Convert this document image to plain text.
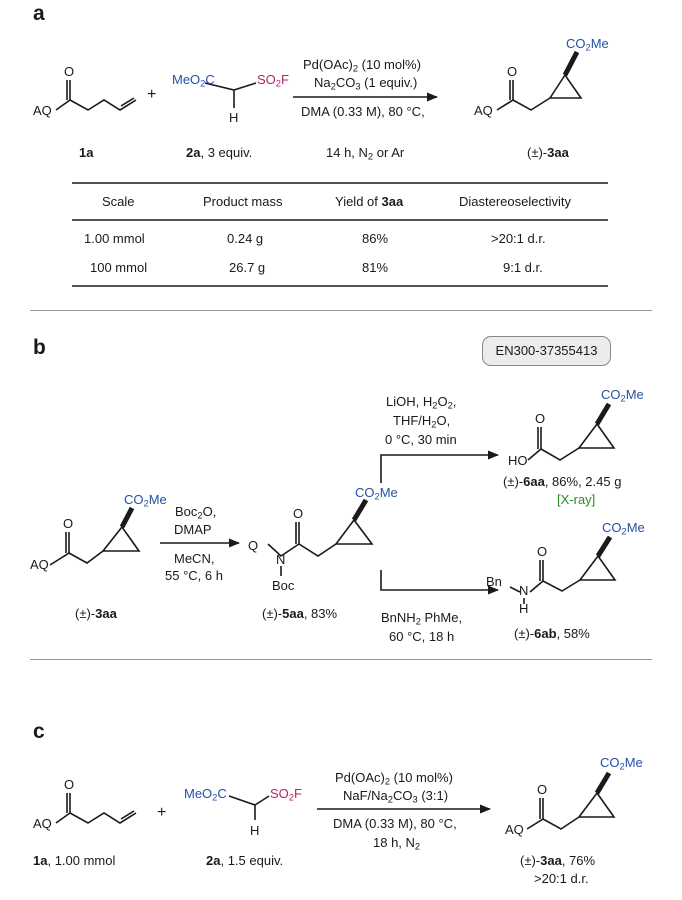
a
b
c
AQ
O
1a
+
MeO$_2$C	$SO_2F$
H
2a, 3 equiv.
$Pd(OAc)_2$ (10 mol%)
$Na_2CO_3$ (1 equiv.)
DMA (0.33 M), 80 °C,
14 h, $N_2$ or Ar
$CO_2Me$
O
AQ
(±)-3aa
Scale	Product mass	Yield of 3aa	Diastereoselectivity
1.00 mmol	0.24 g	86%	>20:1 d.r.
100 mmol	26.7 g	81%	9:1 d.r.
EN300-37355413
$CO_2Me$
O
AQ
(±)-3aa
Boc$_2$O,
DMAP
MeCN,
55 °C, 6 h
$CO_2Me$
O
Q
N
Boc
(±)-5aa, 83%
LiOH, $H_2O_2$,
THF/$H_2O$,
0 °C, 30 min
$CO_2Me$
O
HO
(±)-6aa, 86%, 2.45 g
[X-ray]
BnNH$_2$ PhMe,
60 °C, 18 h
$CO_2Me$
O
Bn
N
H
(±)-6ab, 58%
AQ
O
1a, 1.00 mmol
+
MeO$_2$C	$SO_2F$
H
2a, 1.5 equiv.
$Pd(OAc)_2$ (10 mol%)
NaF/$Na_2CO_3$ (3:1)
DMA (0.33 M), 80 °C,
18 h, $N_2$
$CO_2Me$
O
AQ
(±)-3aa, 76%
>20:1 d.r.
